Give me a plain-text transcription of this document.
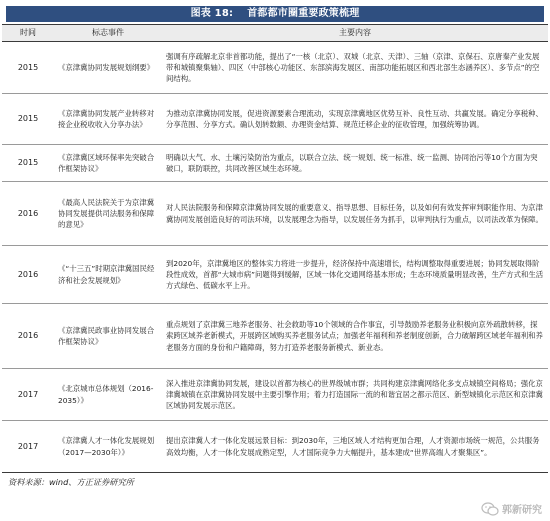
图表 18: 首都都市圈重要政策梳理
时间	标志事件	主要内容
2015	《京津冀协同发展规划纲要》	强调有序疏解北京非首都功能，提出了“一核（北京）、双城（北京、天津）、三轴（京津、京保石、京唐秦产业发展带和城镇聚集轴）、四区（中部核心功能区、东部滨海发展区、南部功能拓展区和西北部生态涵养区）、多节点”的空间结构。
2015	《京津冀协同发展产业转移对接企业税收收入分享办法》	为推动京津冀协同发展，促进资源要素合理流动，实现京津冀地区优势互补、良性互动、共赢发展。确定分享税种、分享范围、分享方式。确认划转数额、办理资金结算、规范迁移企业的征收管理，加强统筹协调。
2015	《京津冀区域环保率先突破合作框架协议》	明确以大气、水、土壤污染防治为重点，以联合立法、统一规划、统一标准、统一监测、协同治污等10个方面为突破口，联防联控，共同改善区域生态环境。
2016	《最高人民法院关于为京津冀协同发展提供司法服务和保障的意见》	对人民法院服务和保障京津冀协同发展的重要意义、指导思想、目标任务，以及如何有效发挥审判职能作用、为京津冀协同发展创造良好的司法环境，以发展理念为指导，以发展任务为抓手，以审判执行为重点，以司法改革为保障。
2016	《“十三五”时期京津冀国民经济和社会发展规划》	到2020年，京津冀地区的整体实力将进一步提升，经济保持中高速增长，结构调整取得重要进展；协同发展取得阶段性成效，首都“大城市病”问题得到缓解，区域一体化交通网络基本形成；生态环境质量明显改善，生产方式和生活方式绿色、低碳水平上升。
2016	《京津冀民政事业协同发展合作框架协议》	重点规划了京津冀三地养老服务、社会救助等10个领域的合作事宜，引导鼓励养老服务业积极向京外疏散转移，探索跨区域养老新模式，开展跨区域购买养老服务试点；加强老年福利和养老制度创新，合力破解跨区域老年福利和养老服务方面的身份和户籍障碍，努力打造养老服务新模式、新业态。
2017	《北京城市总体规划（2016-2035）》	深入推进京津冀协同发展，建设以首都为核心的世界级城市群；共同构建京津冀网络化多支点城镇空间格局；强化京津冀城镇在京津冀协同发展中主要引擎作用；着力打造国际一流的和谐宜居之都示范区、新型城镇化示范区和京津冀区域协同发展示范区。
2017	《京津冀人才一体化发展规划（2017—2030年）》	提出京津冀人才一体化发展远景目标：到2030年，三地区域人才结构更加合理，人才资源市场统一规范，公共服务高效均衡，人才一体化发展成熟定型，人才国际竞争力大幅提升，基本建成“世界高端人才聚集区”。
资料来源：wind、方正证券研究所
郭新研究
